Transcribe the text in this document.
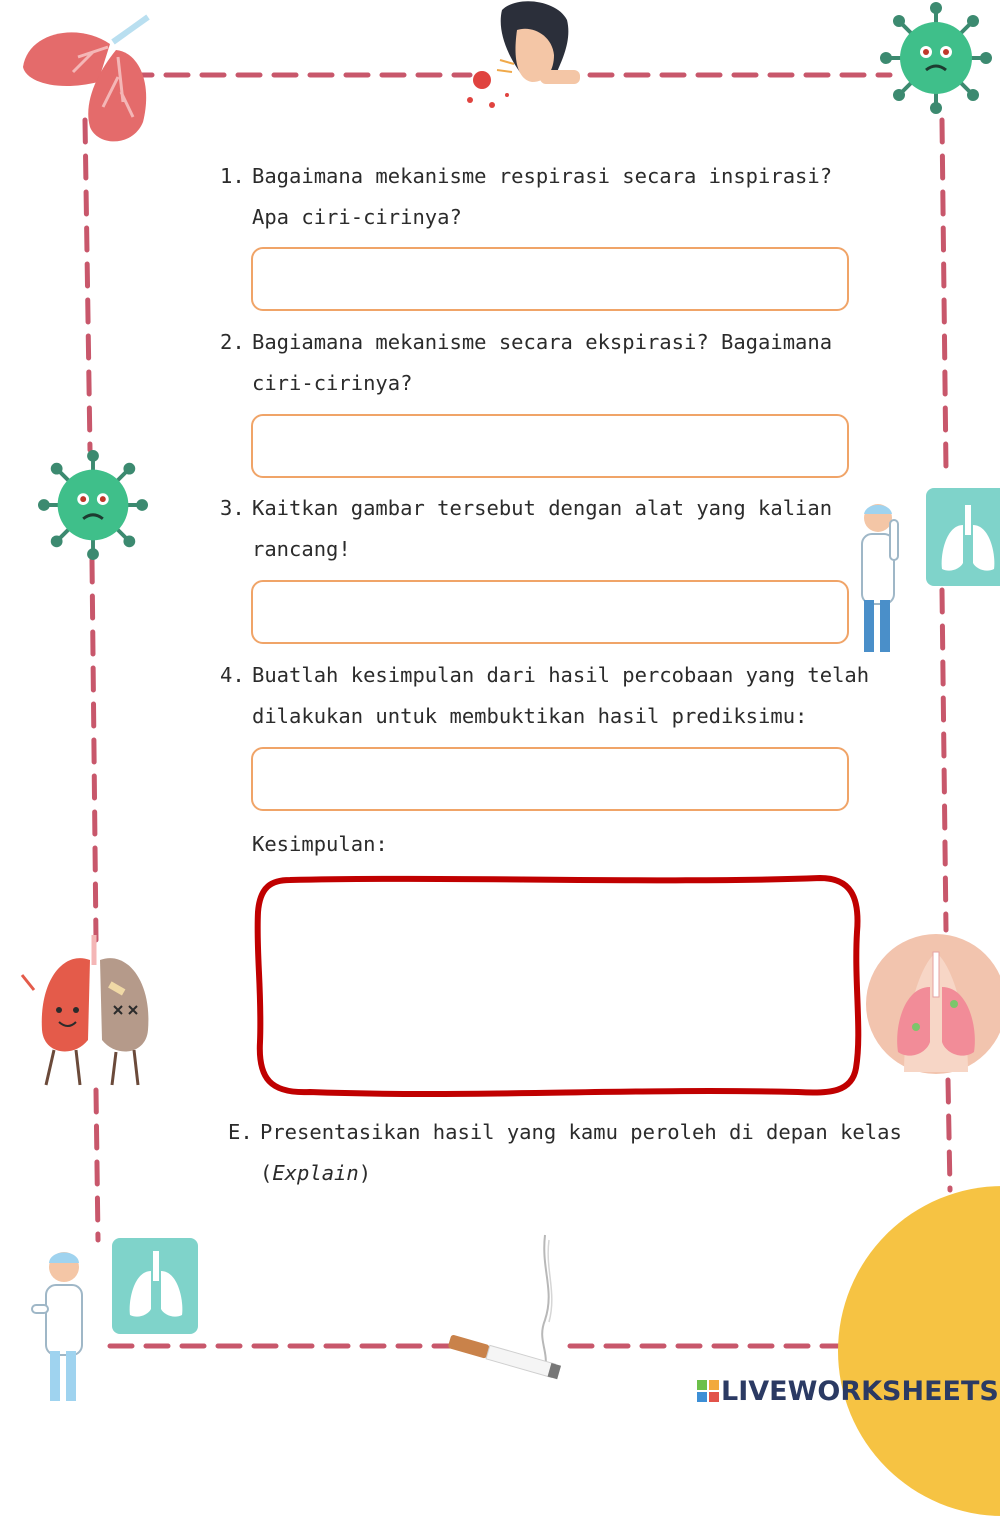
1. Bagaimana mekanisme respirasi secara inspirasi? Apa ciri-cirinya?
2. Bagiamana mekanisme secara ekspirasi? Bagaimana ciri-cirinya?
3. Kaitkan gambar tersebut dengan alat yang kalian rancang!
4. Buatlah kesimpulan dari hasil percobaan yang telah dilakukan untuk membuktikan hasil prediksimu:
Kesimpulan:
E. Presentasikan hasil yang kamu peroleh di depan kelas
(Explain)
LIVEWORKSHEETS
